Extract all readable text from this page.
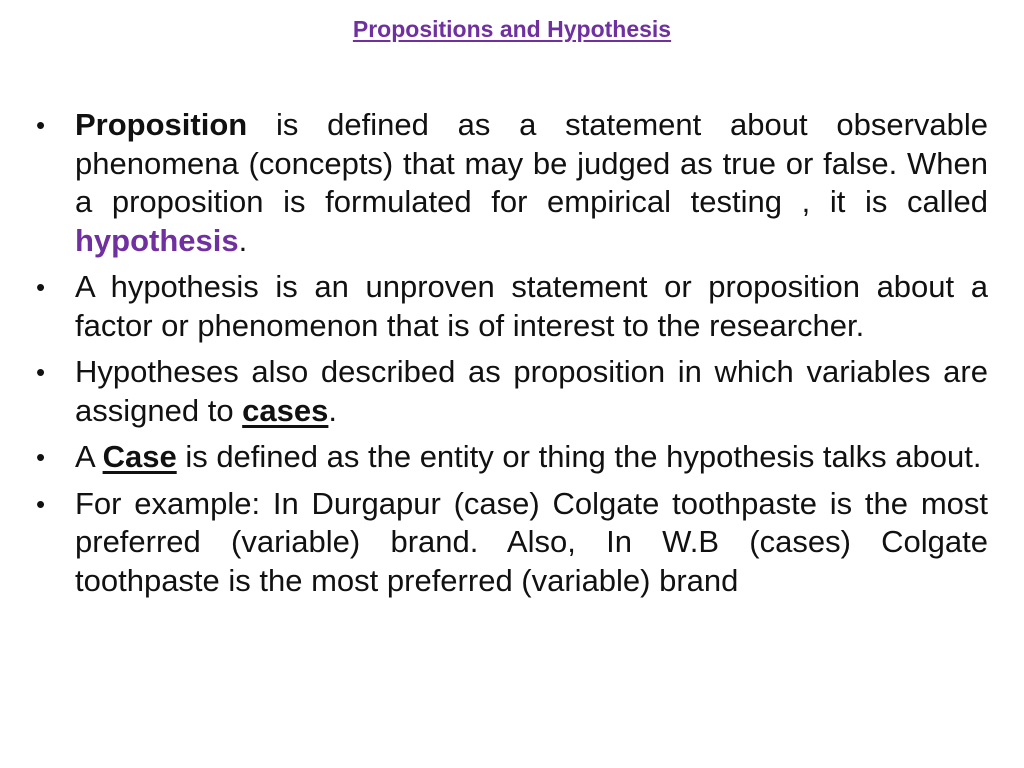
Propositions and Hypothesis
• Proposition is defined as a statement about observable phenomena (concepts) that may be judged as true or false. When a proposition is formulated for empirical testing , it is called hypothesis.
• A hypothesis is an unproven statement or proposition about a factor or phenomenon that is of interest to the researcher.
• Hypotheses also described as proposition in which variables are assigned to cases.
• A Case is defined as the entity or thing the hypothesis talks about.
• For example: In Durgapur (case) Colgate toothpaste is the most preferred (variable) brand. Also, In W.B (cases) Colgate toothpaste is the most preferred (variable) brand
